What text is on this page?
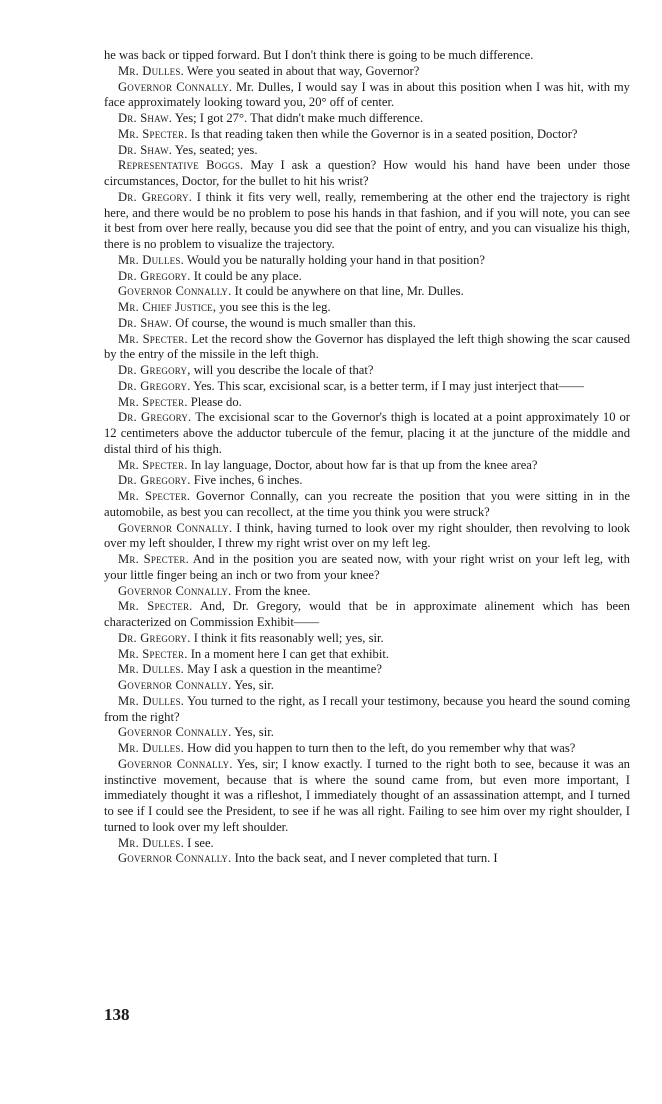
he was back or tipped forward. But I don't think there is going to be much difference.

Mr. Dulles. Were you seated in about that way, Governor?

Governor Connally. Mr. Dulles, I would say I was in about this position when I was hit, with my face approximately looking toward you, 20° off of center.

Dr. Shaw. Yes; I got 27°. That didn't make much difference.

Mr. Specter. Is that reading taken then while the Governor is in a seated position, Doctor?

Dr. Shaw. Yes, seated; yes.

Representative Boggs. May I ask a question? How would his hand have been under those circumstances, Doctor, for the bullet to hit his wrist?

Dr. Gregory. I think it fits very well, really, remembering at the other end the trajectory is right here, and there would be no problem to pose his hands in that fashion, and if you will note, you can see it best from over here really, because you did see that the point of entry, and you can visualize his thigh, there is no problem to visualize the trajectory.

Mr. Dulles. Would you be naturally holding your hand in that position?

Dr. Gregory. It could be any place.

Governor Connally. It could be anywhere on that line, Mr. Dulles.

Mr. Chief Justice, you see this is the leg.

Dr. Shaw. Of course, the wound is much smaller than this.

Mr. Specter. Let the record show the Governor has displayed the left thigh showing the scar caused by the entry of the missile in the left thigh.

Dr. Gregory, will you describe the locale of that?

Dr. Gregory. Yes. This scar, excisional scar, is a better term, if I may just interject that——

Mr. Specter. Please do.

Dr. Gregory. The excisional scar to the Governor's thigh is located at a point approximately 10 or 12 centimeters above the adductor tubercule of the femur, placing it at the juncture of the middle and distal third of his thigh.

Mr. Specter. In lay language, Doctor, about how far is that up from the knee area?

Dr. Gregory. Five inches, 6 inches.

Mr. Specter. Governor Connally, can you recreate the position that you were sitting in in the automobile, as best you can recollect, at the time you think you were struck?

Governor Connally. I think, having turned to look over my right shoulder, then revolving to look over my left shoulder, I threw my right wrist over on my left leg.

Mr. Specter. And in the position you are seated now, with your right wrist on your left leg, with your little finger being an inch or two from your knee?

Governor Connally. From the knee.

Mr. Specter. And, Dr. Gregory, would that be in approximate alinement which has been characterized on Commission Exhibit——

Dr. Gregory. I think it fits reasonably well; yes, sir.

Mr. Specter. In a moment here I can get that exhibit.

Mr. Dulles. May I ask a question in the meantime?

Governor Connally. Yes, sir.

Mr. Dulles. You turned to the right, as I recall your testimony, because you heard the sound coming from the right?

Governor Connally. Yes, sir.

Mr. Dulles. How did you happen to turn then to the left, do you remember why that was?

Governor Connally. Yes, sir; I know exactly. I turned to the right both to see, because it was an instinctive movement, because that is where the sound came from, but even more important, I immediately thought it was a rifleshot, I immediately thought of an assassination attempt, and I turned to see if I could see the President, to see if he was all right. Failing to see him over my right shoulder, I turned to look over my left shoulder.

Mr. Dulles. I see.

Governor Connally. Into the back seat, and I never completed that turn. I

138
